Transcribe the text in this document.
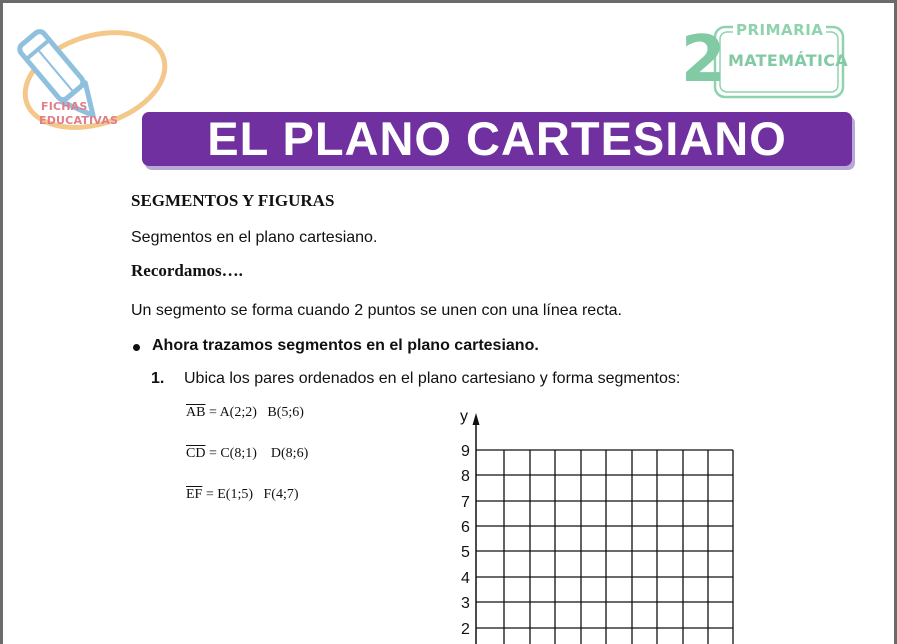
FICHAS
EDUCATIVAS
2 PRIMARIA
MATEMÁTICA
EL PLANO CARTESIANO
SEGMENTOS Y FIGURAS
Segmentos en el plano cartesiano.
Recordamos….
Un segmento se forma cuando 2 puntos se unen con una línea recta.
Ahora trazamos segmentos en el plano cartesiano.
1. Ubica los pares ordenados en el plano cartesiano y forma segmentos:
$\overline{AB}$ = A(2;2)   B(5;6)
$\overline{CD}$ = C(8;1)    D(8;6)
$\overline{EF}$ = E(1;5)   F(4;7)
y
9
8
7
6
5
4
3
2
